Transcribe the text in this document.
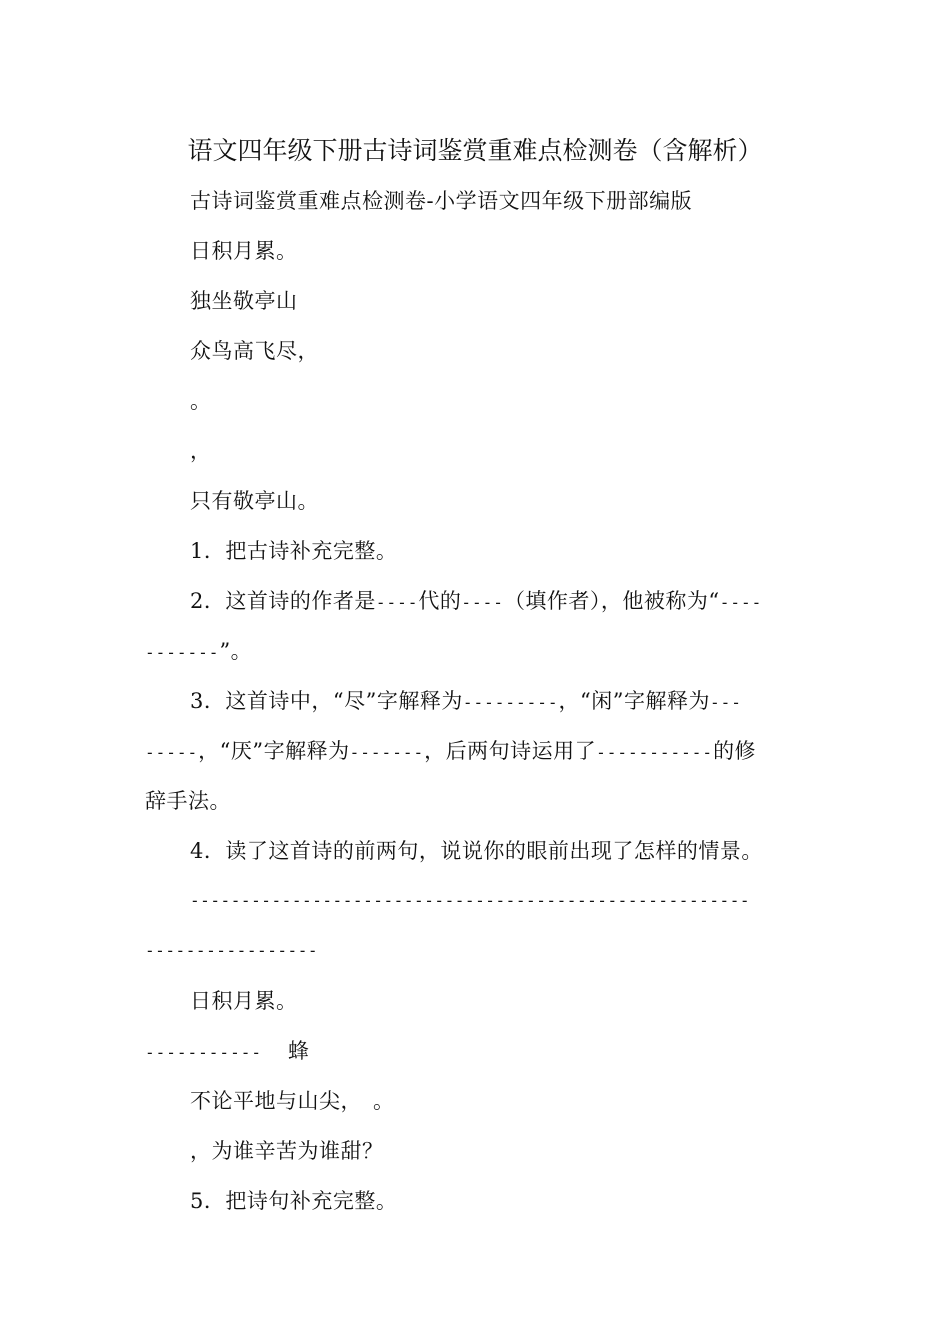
语文四年级下册古诗词鉴赏重难点检测卷（含解析）
古诗词鉴赏重难点检测卷-小学语文四年级下册部编版
日积月累。
独坐敬亭山
众鸟高飞尽，
。
，
只有敬亭山。
1．把古诗补充完整。
2．这首诗的作者是----代的----（填作者），他被称为“----
-------”。
3．这首诗中，“尽”字解释为---------，“闲”字解释为---
-----，“厌”字解释为-------，后两句诗运用了-----------的修
辞手法。
4．读了这首诗的前两句，说说你的眼前出现了怎样的情景。
-------------------------------------------------------
-----------------
日积月累。
----------- 蜂
不论平地与山尖，　。
，为谁辛苦为谁甜？
5．把诗句补充完整。
